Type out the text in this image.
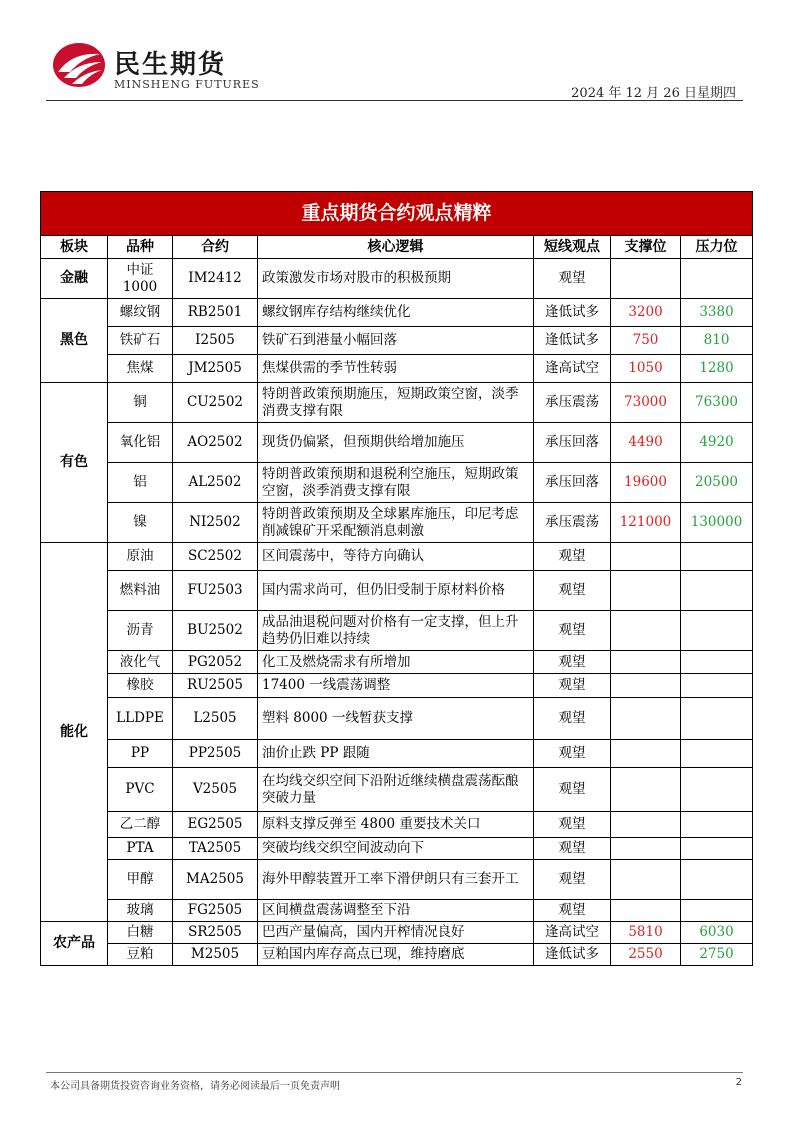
民生期货
MINSHENG FUTURES
2024 年 12 月 26 日星期四
重点期货合约观点精粹						
板块	品种	合约	核心逻辑	短线观点	支撑位	压力位
金融	中证1000	IM2412	政策激发市场对股市的积极预期	观望		
黑色	螺纹钢	RB2501	螺纹钢库存结构继续优化	逢低试多	3200	3380
	铁矿石	I2505	铁矿石到港量小幅回落	逢低试多	750	810
	焦煤	JM2505	焦煤供需的季节性转弱	逢高试空	1050	1280
有色	铜	CU2502	特朗普政策预期施压，短期政策空窗，淡季消费支撑有限	承压震荡	73000	76300
	氧化铝	AO2502	现货仍偏紧，但预期供给增加施压	承压回落	4490	4920
	铝	AL2502	特朗普政策预期和退税利空施压，短期政策空窗，淡季消费支撑有限	承压回落	19600	20500
	镍	NI2502	特朗普政策预期及全球累库施压，印尼考虑削减镍矿开采配额消息刺激	承压震荡	121000	130000
能化	原油	SC2502	区间震荡中，等待方向确认	观望		
	燃料油	FU2503	国内需求尚可，但仍旧受制于原材料价格	观望		
	沥青	BU2502	成品油退税问题对价格有一定支撑，但上升趋势仍旧难以持续	观望		
	液化气	PG2052	化工及燃烧需求有所增加	观望		
	橡胶	RU2505	17400 一线震荡调整	观望		
	LLDPE	L2505	塑料 8000 一线暂获支撑	观望		
	PP	PP2505	油价止跌 PP 跟随	观望		
	PVC	V2505	在均线交织空间下沿附近继续横盘震荡酝酿突破力量	观望		
	乙二醇	EG2505	原料支撑反弹至 4800 重要技术关口	观望		
	PTA	TA2505	突破均线交织空间波动向下	观望		
	甲醇	MA2505	海外甲醇装置开工率下滑伊朗只有三套开工	观望		
	玻璃	FG2505	区间横盘震荡调整至下沿	观望		
农产品	白糖	SR2505	巴西产量偏高，国内开榨情况良好	逢高试空	5810	6030
	豆粕	M2505	豆粕国内库存高点已现，维持磨底	逢低试多	2550	2750
本公司具备期货投资咨询业务资格，请务必阅读最后一页免责声明	2
